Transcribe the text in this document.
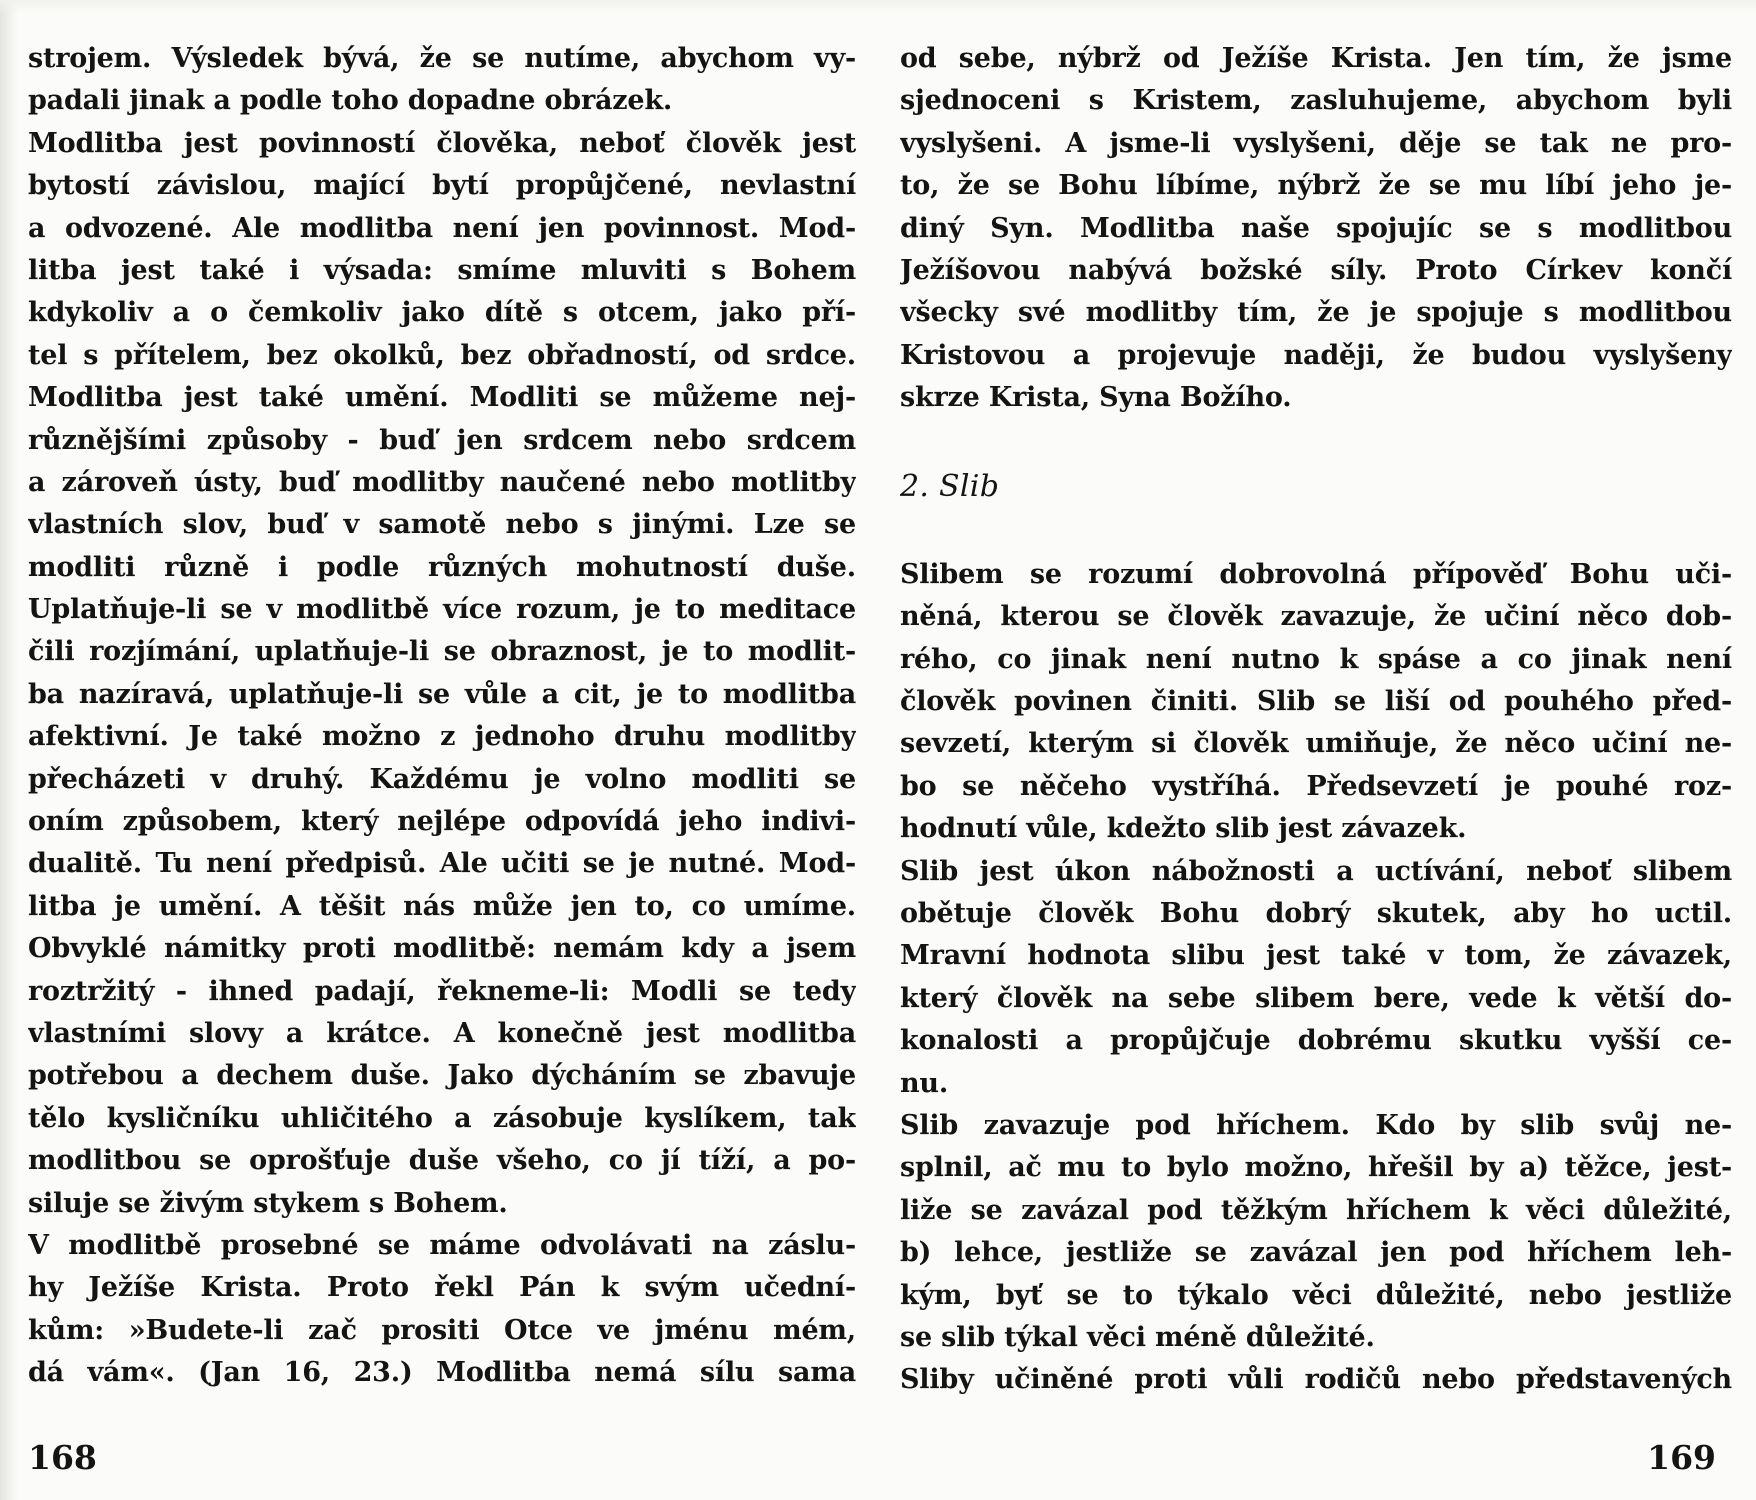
strojem. Výsledek bývá, že se nutíme, abychom vy-
padali jinak a podle toho dopadne obrázek.
Modlitba jest povinností člověka, neboť člověk jest
bytostí závislou, mající bytí propůjčené, nevlastní
a odvozené. Ale modlitba není jen povinnost. Mod-
litba jest také i výsada: smíme mluviti s Bohem
kdykoliv a o čemkoliv jako dítě s otcem, jako pří-
tel s přítelem, bez okolků, bez obřadností, od srdce.
Modlitba jest také umění. Modliti se můžeme nej-
různějšími způsoby - buď jen srdcem nebo srdcem
a zároveň ústy, buď modlitby naučené nebo motlitby
vlastních slov, buď v samotě nebo s jinými. Lze se
modliti různě i podle různých mohutností duše.
Uplatňuje-li se v modlitbě více rozum, je to meditace
čili rozjímání, uplatňuje-li se obraznost, je to modlit-
ba nazíravá, uplatňuje-li se vůle a cit, je to modlitba
afektivní. Je také možno z jednoho druhu modlitby
přecházeti v druhý. Každému je volno modliti se
oním způsobem, který nejlépe odpovídá jeho indivi-
dualitě. Tu není předpisů. Ale učiti se je nutné. Mod-
litba je umění. A těšit nás může jen to, co umíme.
Obvyklé námitky proti modlitbě: nemám kdy a jsem
roztržitý - ihned padají, řekneme-li: Modli se tedy
vlastními slovy a krátce. A konečně jest modlitba
potřebou a dechem duše. Jako dýcháním se zbavuje
tělo kysličníku uhličitého a zásobuje kyslíkem, tak
modlitbou se oprošťuje duše všeho, co jí tíží, a po-
siluje se živým stykem s Bohem.
V modlitbě prosebné se máme odvolávati na záslu-
hy Ježíše Krista. Proto řekl Pán k svým učední-
kům: »Budete-li zač prositi Otce ve jménu mém,
dá vám«. (Jan 16, 23.) Modlitba nemá sílu sama
od sebe, nýbrž od Ježíše Krista. Jen tím, že jsme
sjednoceni s Kristem, zasluhujeme, abychom byli
vyslyšeni. A jsme-li vyslyšeni, děje se tak ne pro-
to, že se Bohu líbíme, nýbrž že se mu líbí jeho je-
diný Syn. Modlitba naše spojujíc se s modlitbou
Ježíšovou nabývá božské síly. Proto Církev končí
všecky své modlitby tím, že je spojuje s modlitbou
Kristovou a projevuje naději, že budou vyslyšeny
skrze Krista, Syna Božího.
2. Slib
Slibem se rozumí dobrovolná přípověď Bohu uči-
něná, kterou se člověk zavazuje, že učiní něco dob-
rého, co jinak není nutno k spáse a co jinak není
člověk povinen činiti. Slib se liší od pouhého před-
sevzetí, kterým si člověk umiňuje, že něco učiní ne-
bo se něčeho vystříhá. Předsevzetí je pouhé roz-
hodnutí vůle, kdežto slib jest závazek.
Slib jest úkon nábožnosti a uctívání, neboť slibem
obětuje člověk Bohu dobrý skutek, aby ho uctil.
Mravní hodnota slibu jest také v tom, že závazek,
který člověk na sebe slibem bere, vede k větší do-
konalosti a propůjčuje dobrému skutku vyšší ce-
nu.
Slib zavazuje pod hříchem. Kdo by slib svůj ne-
splnil, ač mu to bylo možno, hřešil by a) těžce, jest-
liže se zavázal pod těžkým hříchem k věci důležité,
b) lehce, jestliže se zavázal jen pod hříchem leh-
kým, byť se to týkalo věci důležité, nebo jestliže
se slib týkal věci méně důležité.
Sliby učiněné proti vůli rodičů nebo představených
168	169
